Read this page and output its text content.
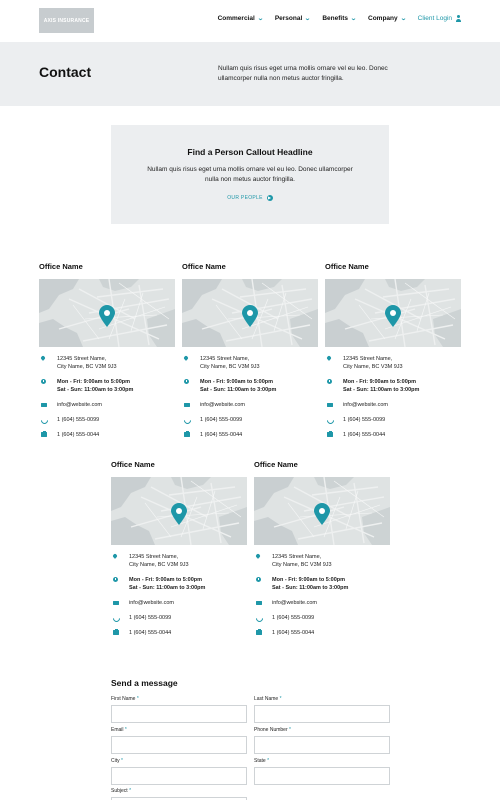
AXIS INSURANCE	Commercial ⌄ Personal ⌄ Benefits ⌄ Company ⌄ Client Login
Contact	Nullam quis risus eget urna mollis ornare vel eu leo. Donec ullamcorper nulla non metus auctor fringilla.
Find a Person Callout Headline
Nullam quis risus eget urna mollis ornare vel eu leo. Donec ullamcorper nulla non metus auctor fringilla.
OUR PEOPLE	▶
Office Name
12345 Street Name,
City Name, BC V3M 9J3
Mon - Fri: 9:00am to 5:00pm
Sat - Sun: 11:00am to 3:00pm
info@website.com
1 (604) 555-0099
1 (604) 555-0044
Office Name
12345 Street Name,
City Name, BC V3M 9J3
Mon - Fri: 9:00am to 5:00pm
Sat - Sun: 11:00am to 3:00pm
info@website.com
1 (604) 555-0099
1 (604) 555-0044
Office Name
12345 Street Name,
City Name, BC V3M 9J3
Mon - Fri: 9:00am to 5:00pm
Sat - Sun: 11:00am to 3:00pm
info@website.com
1 (604) 555-0099
1 (604) 555-0044
Office Name
12345 Street Name,
City Name, BC V3M 9J3
Mon - Fri: 9:00am to 5:00pm
Sat - Sun: 11:00am to 3:00pm
info@website.com
1 (604) 555-0099
1 (604) 555-0044
Office Name
12345 Street Name,
City Name, BC V3M 9J3
Mon - Fri: 9:00am to 5:00pm
Sat - Sun: 11:00am to 3:00pm
info@website.com
1 (604) 555-0099
1 (604) 555-0044
Send a message
First Name *	Last Name *
Email *	Phone Number *
City *	State *
Subject *
